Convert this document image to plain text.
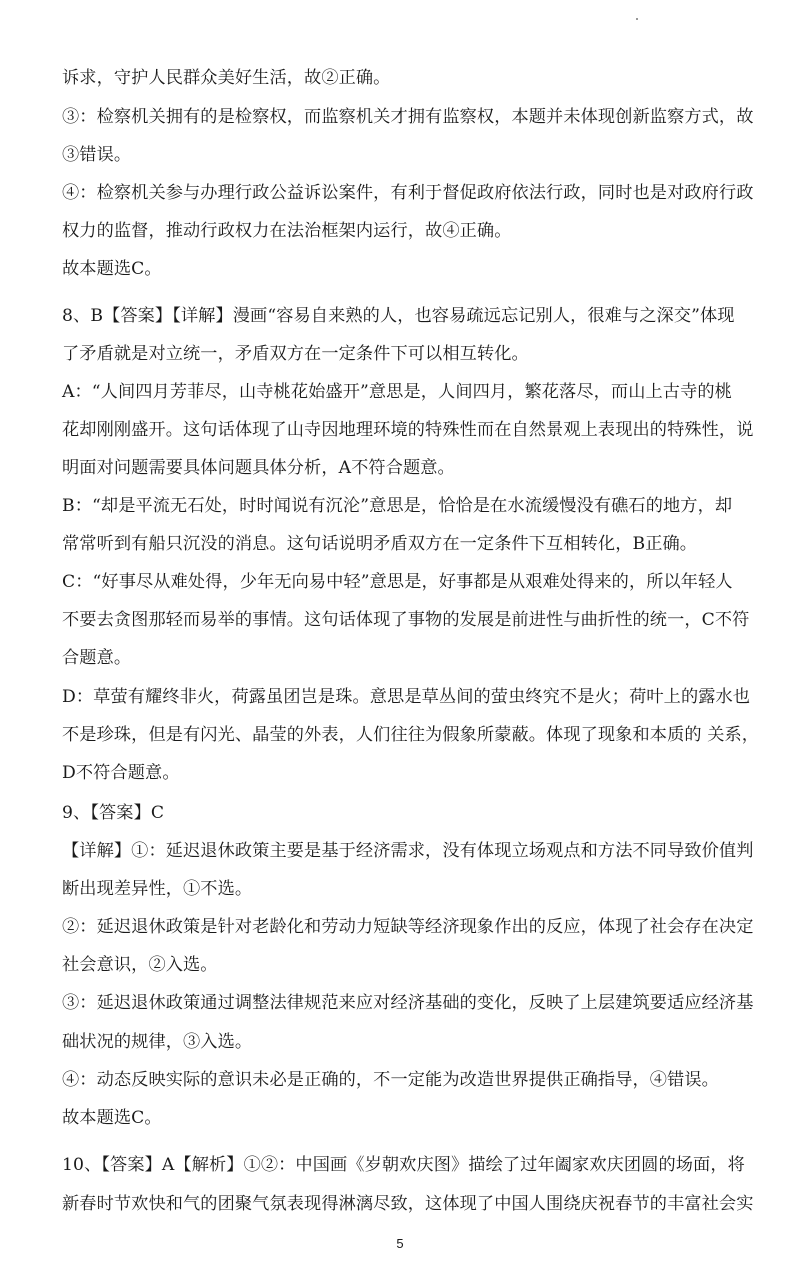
诉求，守护人民群众美好生活，故②正确。
③：检察机关拥有的是检察权，而监察机关才拥有监察权，本题并未体现创新监察方式，故
③错误。
④：检察机关参与办理行政公益诉讼案件，有利于督促政府依法行政，同时也是对政府行政
权力的监督，推动行政权力在法治框架内运行，故④正确。
故本题选C。
8、B【答案】【详解】漫画“容易自来熟的人，也容易疏远忘记别人，很难与之深交”体现
了矛盾就是对立统一，矛盾双方在一定条件下可以相互转化。
A：“人间四月芳菲尽，山寺桃花始盛开”意思是，人间四月，繁花落尽，而山上古寺的桃
花却刚刚盛开。这句话体现了山寺因地理环境的特殊性而在自然景观上表现出的特殊性，说
明面对问题需要具体问题具体分析，A不符合题意。
B：“却是平流无石处，时时闻说有沉沦”意思是，恰恰是在水流缓慢没有礁石的地方，却
常常听到有船只沉没的消息。这句话说明矛盾双方在一定条件下互相转化，B正确。
C：“好事尽从难处得，少年无向易中轻”意思是，好事都是从艰难处得来的，所以年轻人
不要去贪图那轻而易举的事情。这句话体现了事物的发展是前进性与曲折性的统一，C不符
合题意。
D：草萤有耀终非火，荷露虽团岂是珠。意思是草丛间的萤虫终究不是火；荷叶上的露水也
不是珍珠，但是有闪光、晶莹的外表，人们往往为假象所蒙蔽。体现了现象和本质的 关系，
D不符合题意。
9、【答案】C
【详解】①：延迟退休政策主要是基于经济需求，没有体现立场观点和方法不同导致价值判
断出现差异性，①不选。
②：延迟退休政策是针对老龄化和劳动力短缺等经济现象作出的反应，体现了社会存在决定
社会意识，②入选。
③：延迟退休政策通过调整法律规范来应对经济基础的变化，反映了上层建筑要适应经济基
础状况的规律，③入选。
④：动态反映实际的意识未必是正确的，不一定能为改造世界提供正确指导，④错误。
故本题选C。
10、【答案】A【解析】①②：中国画《岁朝欢庆图》描绘了过年阖家欢庆团圆的场面，将
新春时节欢快和气的团聚气氛表现得淋漓尽致，这体现了中国人围绕庆祝春节的丰富社会实
5
